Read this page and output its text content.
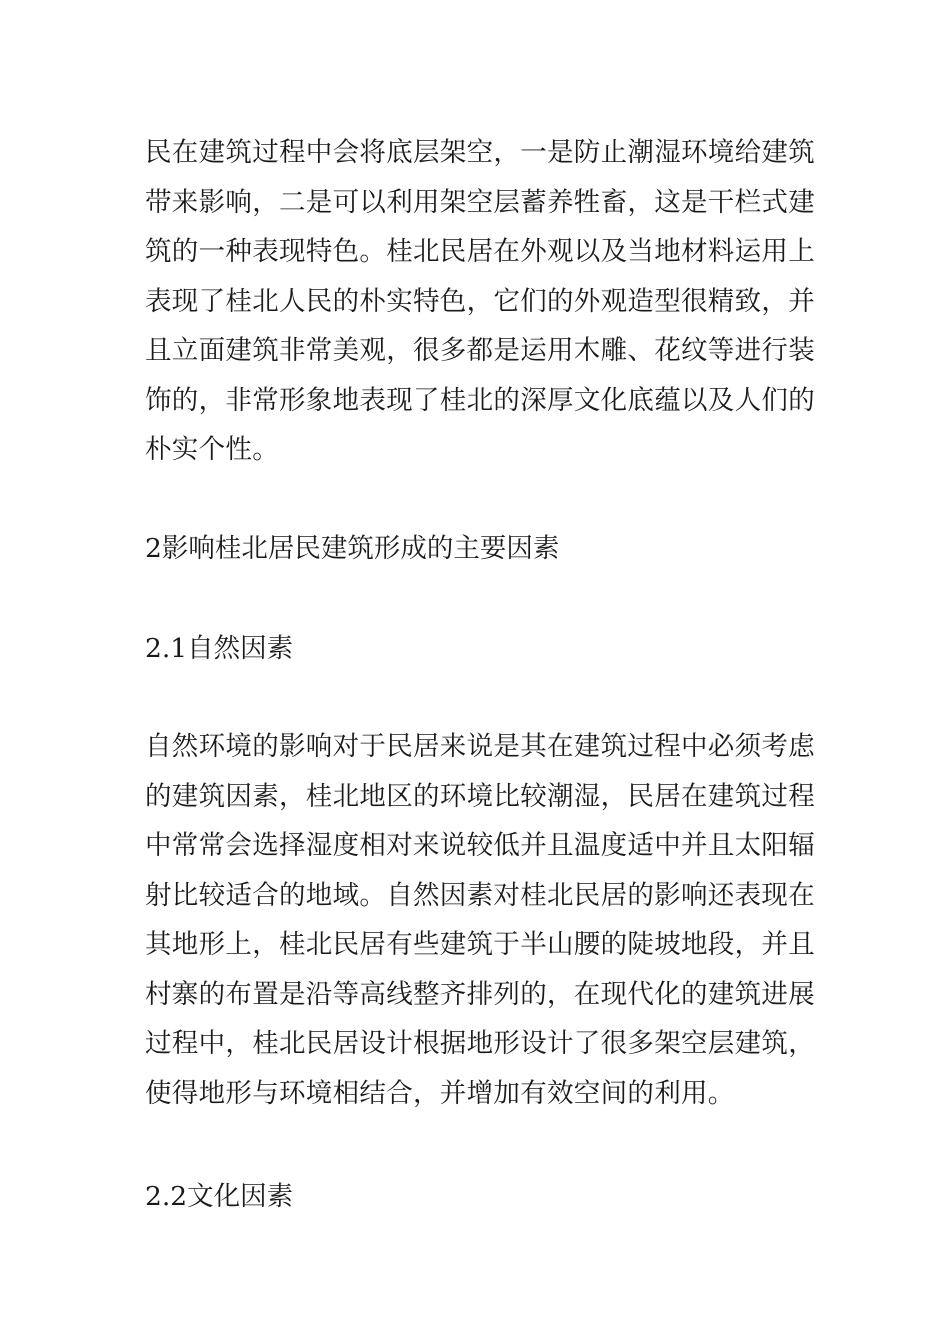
民在建筑过程中会将底层架空，一是防止潮湿环境给建筑带来影响，二是可以利用架空层蓄养牲畜，这是干栏式建筑的一种表现特色。桂北民居在外观以及当地材料运用上表现了桂北人民的朴实特色，它们的外观造型很精致，并且立面建筑非常美观，很多都是运用木雕、花纹等进行装饰的，非常形象地表现了桂北的深厚文化底蕴以及人们的朴实个性。

2影响桂北居民建筑形成的主要因素

2.1自然因素

自然环境的影响对于民居来说是其在建筑过程中必须考虑的建筑因素，桂北地区的环境比较潮湿，民居在建筑过程中常常会选择湿度相对来说较低并且温度适中并且太阳辐射比较适合的地域。自然因素对桂北民居的影响还表现在其地形上，桂北民居有些建筑于半山腰的陡坡地段，并且村寨的布置是沿等高线整齐排列的，在现代化的建筑进展过程中，桂北民居设计根据地形设计了很多架空层建筑，使得地形与环境相结合，并增加有效空间的利用。

2.2文化因素
